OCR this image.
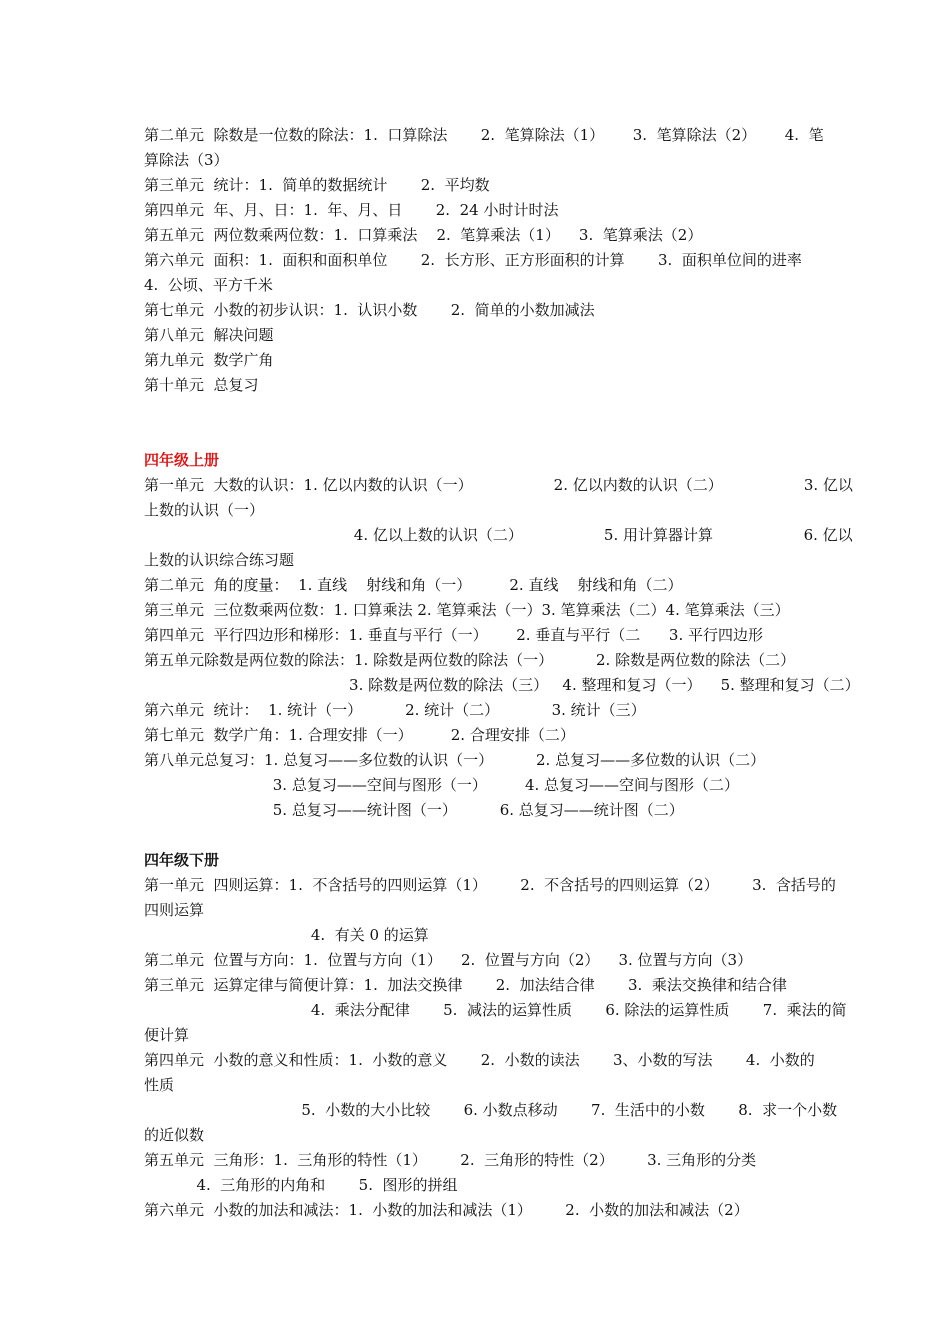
第二单元  除数是一位数的除法：1.  口算除法       2.  笔算除法（1）      3.  笔算除法（2）      4.  笔
算除法（3）
第三单元  统计：1.  简单的数据统计       2.  平均数
第四单元  年、月、日：1.  年、月、日       2.  24 小时计时法
第五单元  两位数乘两位数：1.  口算乘法    2.  笔算乘法（1）    3.  笔算乘法（2）
第六单元  面积：1.  面积和面积单位       2.  长方形、正方形面积的计算       3.  面积单位间的进率
4.  公顷、平方千米
第七单元  小数的初步认识：1.  认识小数       2.  简单的小数加减法
第八单元  解决问题
第九单元  数学广角
第十单元  总复习
四年级上册
第一单元  大数的认识：1. 亿以内数的认识（一）                 2. 亿以内数的认识（二）                 3. 亿以
上数的认识（一）
4. 亿以上数的认识（二）                 5. 用计算器计算                   6. 亿以
上数的认识综合练习题
第二单元  角的度量：  1. 直线    射线和角（一）        2. 直线    射线和角（二）
第三单元  三位数乘两位数：1. 口算乘法 2. 笔算乘法（一）3. 笔算乘法（二）4. 笔算乘法（三）
第四单元  平行四边形和梯形：1. 垂直与平行（一）      2. 垂直与平行（二      3. 平行四边形
第五单元除数是两位数的除法：1. 除数是两位数的除法（一）         2. 除数是两位数的除法（二）
3. 除数是两位数的除法（三）   4. 整理和复习（一）    5. 整理和复习（二）
第六单元  统计：  1. 统计（一）         2. 统计（二）           3. 统计（三）
第七单元  数学广角：1. 合理安排（一）        2. 合理安排（二）
第八单元总复习：1. 总复习——多位数的认识（一）         2. 总复习——多位数的认识（二）
3. 总复习——空间与图形（一）        4. 总复习——空间与图形（二）
5. 总复习——统计图（一）         6. 总复习——统计图（二）
四年级下册
第一单元  四则运算：1.  不含括号的四则运算（1）       2.  不含括号的四则运算（2）       3.  含括号的
四则运算
4.  有关 0 的运算
第二单元  位置与方向：1.  位置与方向（1）    2.  位置与方向（2）    3. 位置与方向（3）
第三单元  运算定律与简便计算：1.  加法交换律       2.  加法结合律       3.  乘法交换律和结合律
4.  乘法分配律       5.  减法的运算性质       6. 除法的运算性质       7.  乘法的简
便计算
第四单元  小数的意义和性质：1.  小数的意义       2.  小数的读法       3、小数的写法       4.  小数的
性质
5.  小数的大小比较       6. 小数点移动       7.  生活中的小数       8.  求一个小数
的近似数
第五单元  三角形：1.  三角形的特性（1）       2.  三角形的特性（2）       3. 三角形的分类
4.  三角形的内角和       5.  图形的拼组
第六单元  小数的加法和减法：1.  小数的加法和减法（1）       2.  小数的加法和减法（2）
